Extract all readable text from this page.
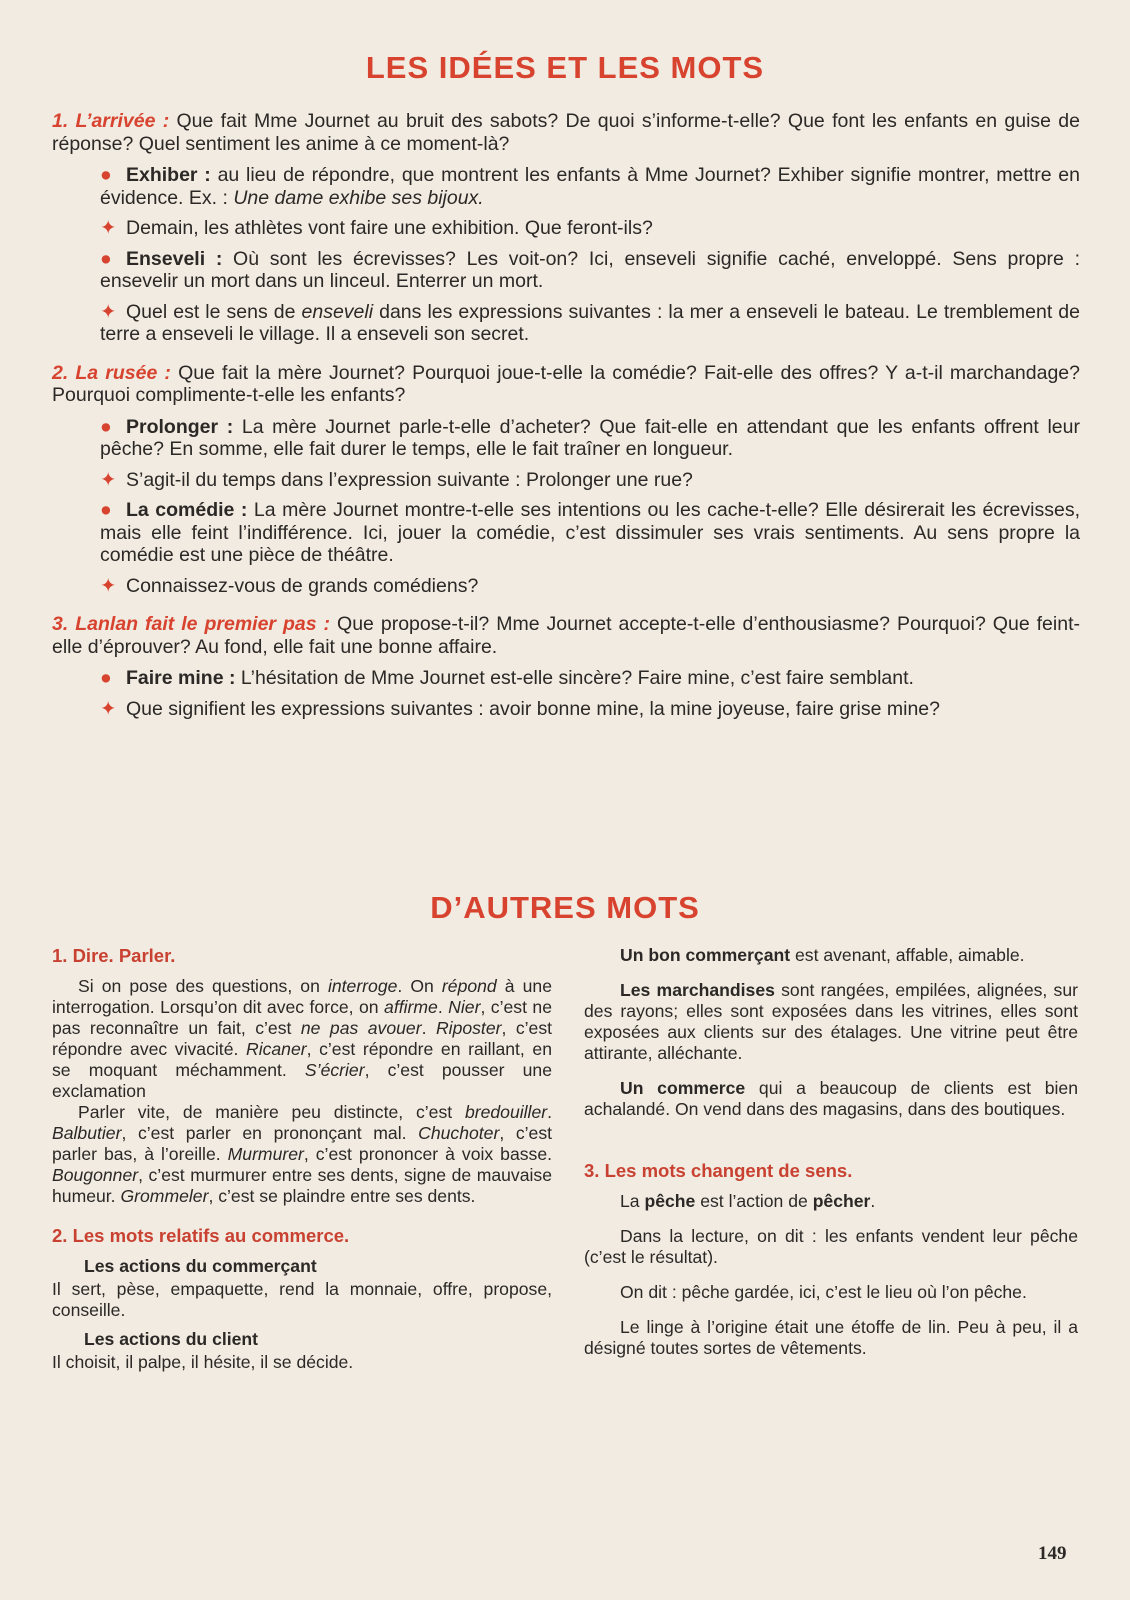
LES IDÉES ET LES MOTS

1. L’arrivée : Que fait Mme Journet au bruit des sabots? De quoi s’informe-t-elle? Que font les enfants en guise de réponse? Quel sentiment les anime à ce moment-là?

● Exhiber : au lieu de répondre, que montrent les enfants à Mme Journet? Exhiber signifie montrer, mettre en évidence. Ex. : Une dame exhibe ses bijoux.

✦ Demain, les athlètes vont faire une exhibition. Que feront-ils?

● Enseveli : Où sont les écrevisses? Les voit-on? Ici, enseveli signifie caché, enveloppé. Sens propre : ensevelir un mort dans un linceul. Enterrer un mort.

✦ Quel est le sens de enseveli dans les expressions suivantes : la mer a enseveli le bateau. Le tremblement de terre a enseveli le village. Il a enseveli son secret.

2. La rusée : Que fait la mère Journet? Pourquoi joue-t-elle la comédie? Fait-elle des offres? Y a-t-il marchandage? Pourquoi complimente-t-elle les enfants?

● Prolonger : La mère Journet parle-t-elle d’acheter? Que fait-elle en attendant que les enfants offrent leur pêche? En somme, elle fait durer le temps, elle le fait traîner en longueur.

✦ S’agit-il du temps dans l’expression suivante : Prolonger une rue?

● La comédie : La mère Journet montre-t-elle ses intentions ou les cache-t-elle? Elle désirerait les écrevisses, mais elle feint l’indifférence. Ici, jouer la comédie, c’est dissimuler ses vrais sentiments. Au sens propre la comédie est une pièce de théâtre.

✦ Connaissez-vous de grands comédiens?

3. Lanlan fait le premier pas : Que propose-t-il? Mme Journet accepte-t-elle d’enthousiasme? Pourquoi? Que feint-elle d’éprouver? Au fond, elle fait une bonne affaire.

● Faire mine : L’hésitation de Mme Journet est-elle sincère? Faire mine, c’est faire semblant.

✦ Que signifient les expressions suivantes : avoir bonne mine, la mine joyeuse, faire grise mine?

D’AUTRES MOTS

1. Dire. Parler.

Si on pose des questions, on interroge. On répond à une interrogation. Lorsqu’on dit avec force, on affirme. Nier, c’est ne pas reconnaître un fait, c’est ne pas avouer. Riposter, c’est répondre avec vivacité. Ricaner, c’est répondre en raillant, en se moquant méchamment. S’écrier, c’est pousser une exclamation

Parler vite, de manière peu distincte, c’est bredouiller. Balbutier, c’est parler en prononçant mal. Chuchoter, c’est parler bas, à l’oreille. Murmurer, c’est prononcer à voix basse. Bougonner, c’est murmurer entre ses dents, signe de mauvaise humeur. Grommeler, c’est se plaindre entre ses dents.

2. Les mots relatifs au commerce.

Les actions du commerçant

Il sert, pèse, empaquette, rend la monnaie, offre, propose, conseille.

Les actions du client

Il choisit, il palpe, il hésite, il se décide.

Un bon commerçant est avenant, affable, aimable.

Les marchandises sont rangées, empilées, alignées, sur des rayons; elles sont exposées dans les vitrines, elles sont exposées aux clients sur des étalages. Une vitrine peut être attirante, alléchante.

Un commerce qui a beaucoup de clients est bien achalandé. On vend dans des magasins, dans des boutiques.

3. Les mots changent de sens.

La pêche est l’action de pêcher.

Dans la lecture, on dit : les enfants vendent leur pêche (c’est le résultat).

On dit : pêche gardée, ici, c’est le lieu où l’on pêche.

Le linge à l’origine était une étoffe de lin. Peu à peu, il a désigné toutes sortes de vêtements.

149
